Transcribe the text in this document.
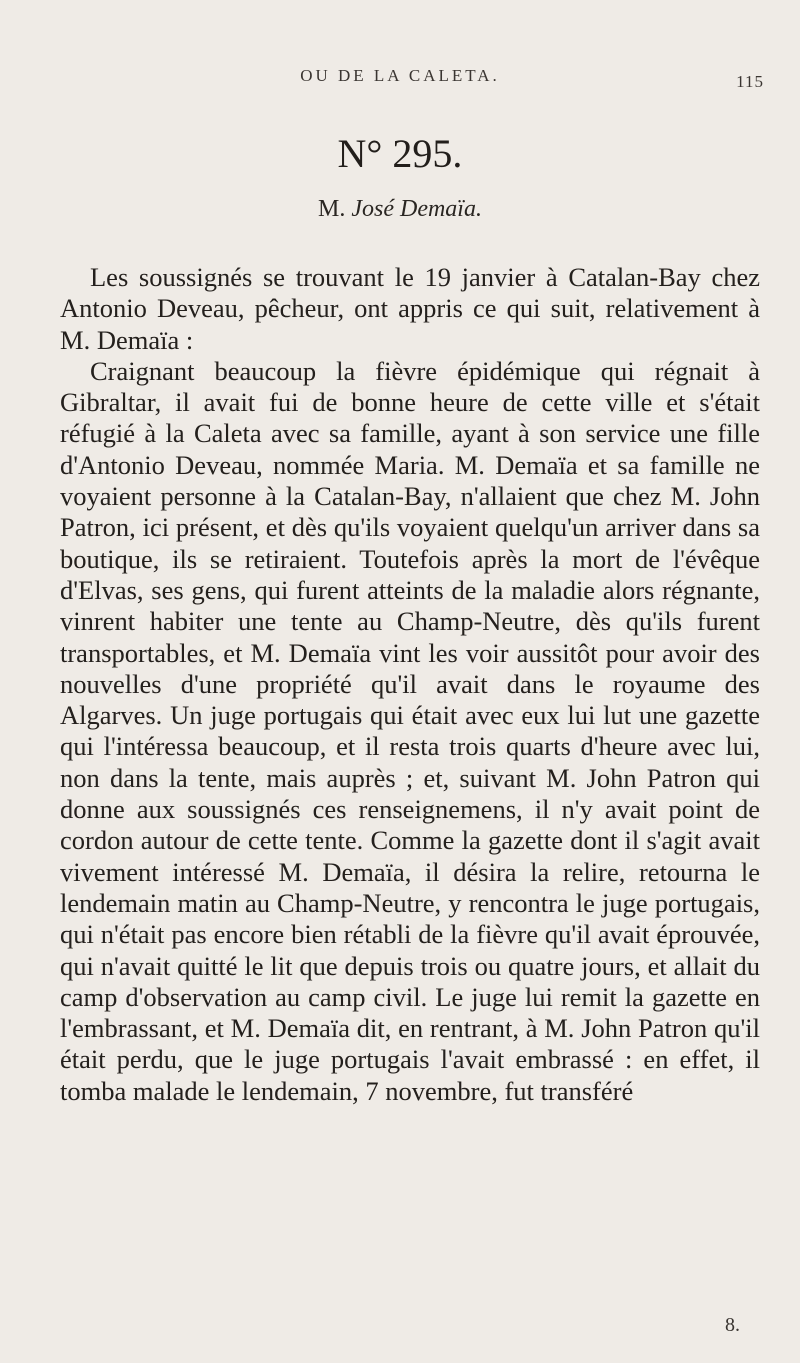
OU DE LA CALETA.	115
N° 295.
M. José Demaïa.

Les soussignés se trouvant le 19 janvier à Catalan-Bay chez Antonio Deveau, pêcheur, ont appris ce qui suit, relativement à M. Demaïa :

Craignant beaucoup la fièvre épidémique qui régnait à Gibraltar, il avait fui de bonne heure de cette ville et s'était réfugié à la Caleta avec sa famille, ayant à son service une fille d'Antonio Deveau, nommée Maria. M. Demaïa et sa famille ne voyaient personne à la Catalan-Bay, n'allaient que chez M. John Patron, ici présent, et dès qu'ils voyaient quelqu'un arriver dans sa boutique, ils se retiraient. Toutefois après la mort de l'évêque d'Elvas, ses gens, qui furent atteints de la maladie alors régnante, vinrent habiter une tente au Champ-Neutre, dès qu'ils furent transportables, et M. Demaïa vint les voir aussitôt pour avoir des nouvelles d'une propriété qu'il avait dans le royaume des Algarves. Un juge portugais qui était avec eux lui lut une gazette qui l'intéressa beaucoup, et il resta trois quarts d'heure avec lui, non dans la tente, mais auprès ; et, suivant M. John Patron qui donne aux soussignés ces renseignemens, il n'y avait point de cordon autour de cette tente. Comme la gazette dont il s'agit avait vivement intéressé M. Demaïa, il désira la relire, retourna le lendemain matin au Champ-Neutre, y rencontra le juge portugais, qui n'était pas encore bien rétabli de la fièvre qu'il avait éprouvée, qui n'avait quitté le lit que depuis trois ou quatre jours, et allait du camp d'observation au camp civil. Le juge lui remit la gazette en l'embrassant, et M. Demaïa dit, en rentrant, à M. John Patron qu'il était perdu, que le juge portugais l'avait embrassé : en effet, il tomba malade le lendemain, 7 novembre, fut transféré

8.
